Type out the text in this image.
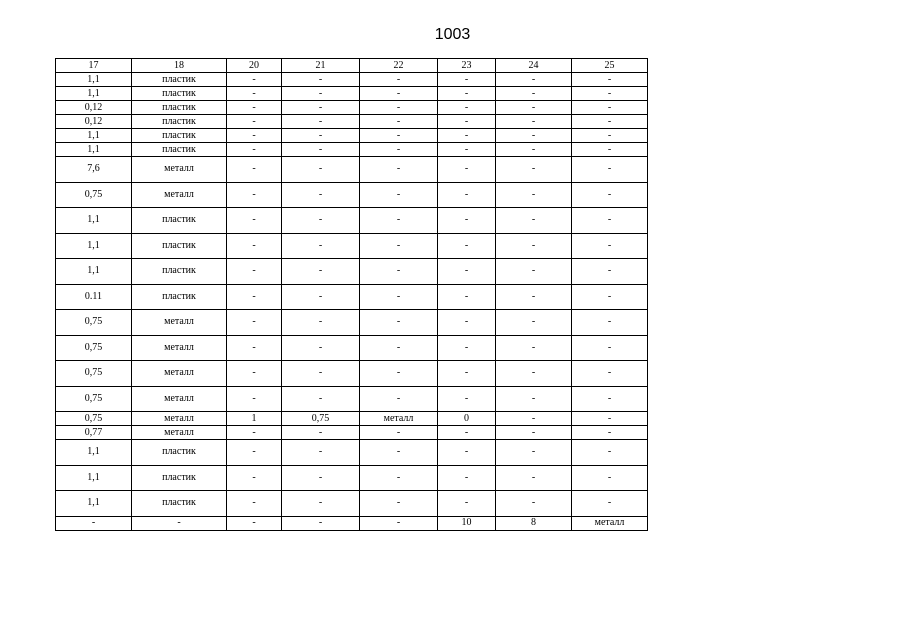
1003
17	18	20	21	22	23	24	25
1,1	пластик	-	-	-	-	-	-
1,1	пластик	-	-	-	-	-	-
0,12	пластик	-	-	-	-	-	-
0,12	пластик	-	-	-	-	-	-
1,1	пластик	-	-	-	-	-	-
1,1	пластик	-	-	-	-	-	-
7,6	металл	-	-	-	-	-	-
0,75	металл	-	-	-	-	-	-
1,1	пластик	-	-	-	-	-	-
1,1	пластик	-	-	-	-	-	-
1,1	пластик	-	-	-	-	-	-
0.11	пластик	-	-	-	-	-	-
0,75	металл	-	-	-	-	-	-
0,75	металл	-	-	-	-	-	-
0,75	металл	-	-	-	-	-	-
0,75	металл	-	-	-	-	-	-
0,75	металл	1	0,75	металл	0	-	-
0,77	металл	-	-	-	-	-	-
1,1	пластик	-	-	-	-	-	-
1,1	пластик	-	-	-	-	-	-
1,1	пластик	-	-	-	-	-	-
-	-	-	-	-	10	8	металл
